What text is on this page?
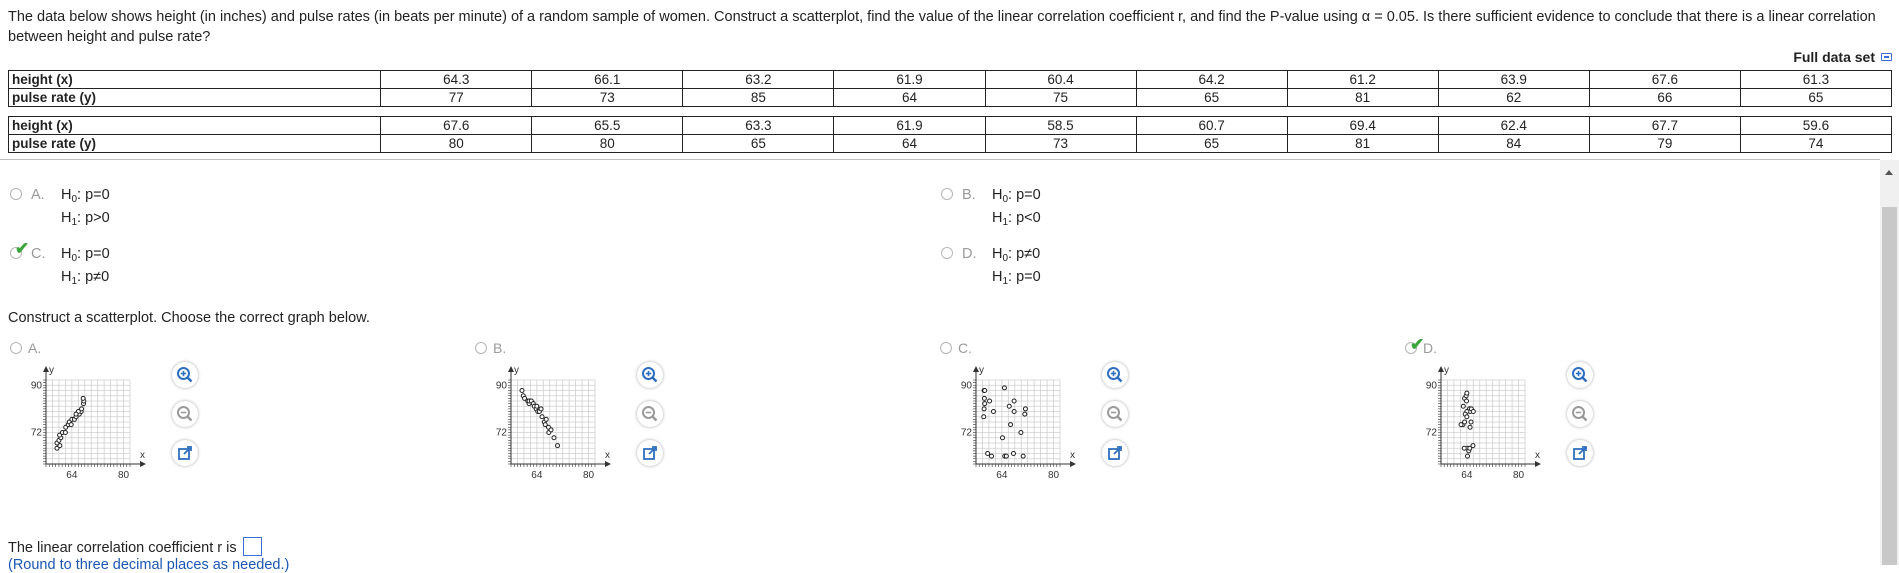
The data below shows height (in inches) and pulse rates (in beats per minute) of a random sample of women. Construct a scatterplot, find the value of the linear correlation coefficient r, and find the P-value using α = 0.05. Is there sufficient evidence to conclude that there is a linear correlation between height and pulse rate?
Full data set
height (x)	64.3	66.1	63.2	61.9	60.4	64.2	61.2	63.9	67.6	61.3
pulse rate (y)	77	73	85	64	75	65	81	62	66	65
height (x)	67.6	65.5	63.3	61.9	58.5	60.7	69.4	62.4	67.7	59.6
pulse rate (y)	80	80	65	64	73	65	81	84	79	74
A. $H_0$: p=0
$H_1$: p>0
B. $H_0$: p=0
$H_1$: p<0
✔ C. $H_0$: p=0
$H_1$: p≠0
D. $H_0$: p≠0
$H_1$: p=0
Construct a scatterplot. Choose the correct graph below.
A.
y
x
90
72
64	80
B.
y
x
90
72
64	80
C.
y
x
90
72
64	80
✔
D.
y
x
90
72
64	80
The linear correlation coefficient r is
(Round to three decimal places as needed.)
